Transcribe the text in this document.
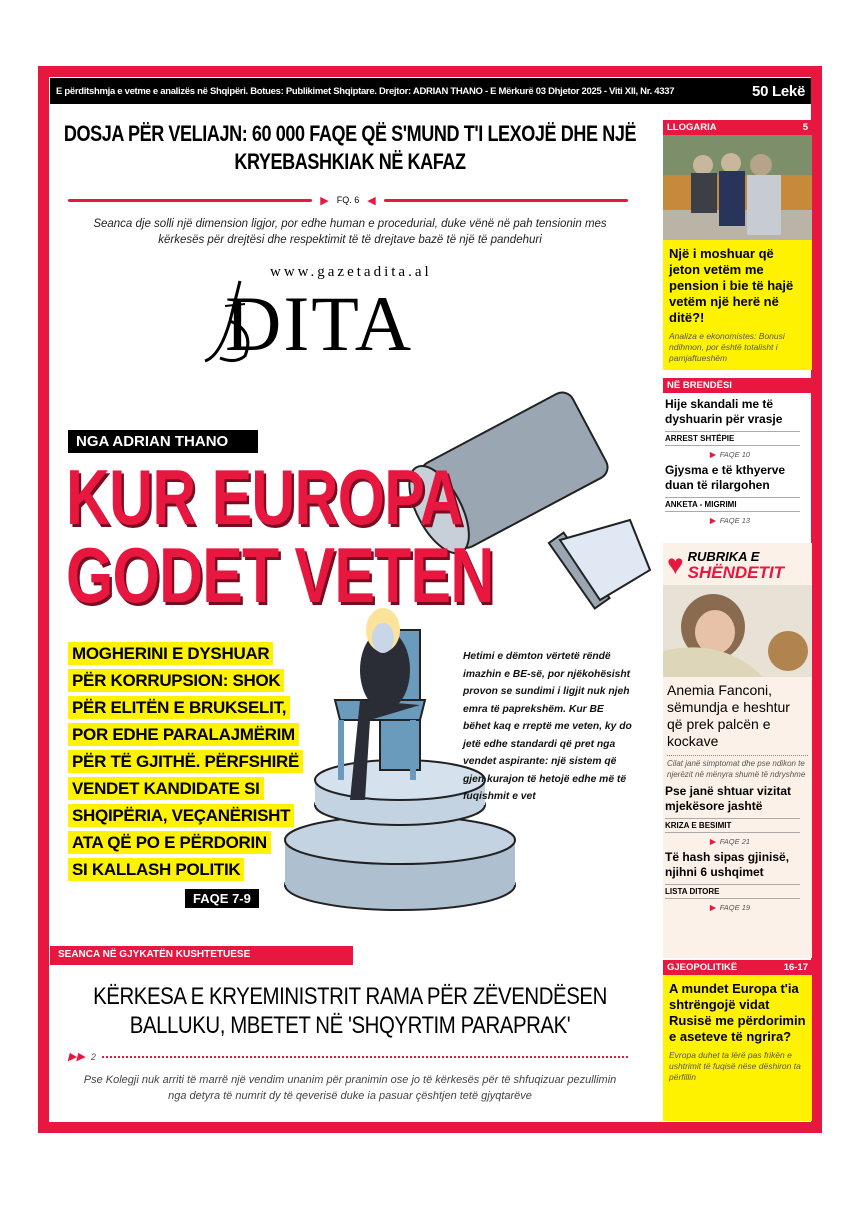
E përditshmja e vetme e analizës në Shqipëri. Botues: Publikimet Shqiptare. Drejtor: ADRIAN THANO - E Mërkurë 03 Dhjetor 2025 - Viti XII, Nr. 4337	50 Lekë
DOSJA PËR VELIAJN: 60 000 FAQE QË S'MUND T'I LEXOJË DHE NJË KRYEBASHKIAK NË KAFAZ
▶ FQ. 6 ◀
Seanca dje solli një dimension ligjor, por edhe human e procedurial, duke vënë në pah tensionin mes kërkesës për drejtësi dhe respektimit të të drejtave bazë të një të pandehuri
www.gazetadita.al
DITA
NGA ADRIAN THANO
KUR EUROPA
GODET VETEN
MOGHERINI E DYSHUAR
PËR KORRUPSION: SHOK
PËR ELITËN E BRUKSELIT,
POR EDHE PARALAJMËRIM
PËR TË GJITHË. PËRFSHIRË
VENDET KANDIDATE SI
SHQIPËRIA, VEÇANËRISHT
ATA QË PO E PËRDORIN
SI KALLASH POLITIK
Hetimi e dëmton vërtetë rëndë imazhin e BE-së, por njëkohësisht provon se sundimi i ligjit nuk njeh emra të paprekshëm. Kur BE bëhet kaq e rreptë me veten, ky do jetë edhe standardi që pret nga vendet aspirante: një sistem që gjen kurajon të hetojë edhe më të fuqishmit e vet
FAQE 7-9
SEANCA NË GJYKATËN KUSHTETUESE
KËRKESA E KRYEMINISTRIT RAMA PËR ZËVENDËSEN BALLUKU, MBETET NË 'SHQYRTIM PARAPRAK'
▶▶ 2
Pse Kolegji nuk arriti të marrë një vendim unanim për pranimin ose jo të kërkesës për të shfuqizuar pezullimin nga detyra të numrit dy të qeverisë duke ia pasuar çështjen tetë gjyqtarëve
LLOGARIA	5
Një i moshuar që jeton vetëm me pension i bie të hajë vetëm një herë në ditë?!
Analiza e ekonomistes: Bonusi ndihmon, por është totalisht i pamjaftueshëm
NË BRENDËSI
Hije skandali me të dyshuarin për vrasje
ARREST SHTËPIE
▶ FAQE 10
Gjysma e të kthyerve duan të rilargohen
ANKETA - MIGRIMI
▶ FAQE 13
♥ RUBRIKA E
SHËNDETIT
Anemia Fanconi, sëmundja e heshtur që prek palcën e kockave
Cilat janë simptomat dhe pse ndikon te njerëzit në mënyra shumë të ndryshme
Pse janë shtuar vizitat mjekësore jashtë
KRIZA E BESIMIT
▶ FAQE 21
Të hash sipas gjinisë, njihni 6 ushqimet
LISTA DITORE
▶ FAQE 19
GJEOPOLITIKË	16-17
A mundet Europa t'ia shtrëngojë vidat Rusisë me përdorimin e aseteve të ngrira?
Evropa duhet ta lërë pas frikën e ushtrimit të fuqisë nëse dëshiron ta përfillin
